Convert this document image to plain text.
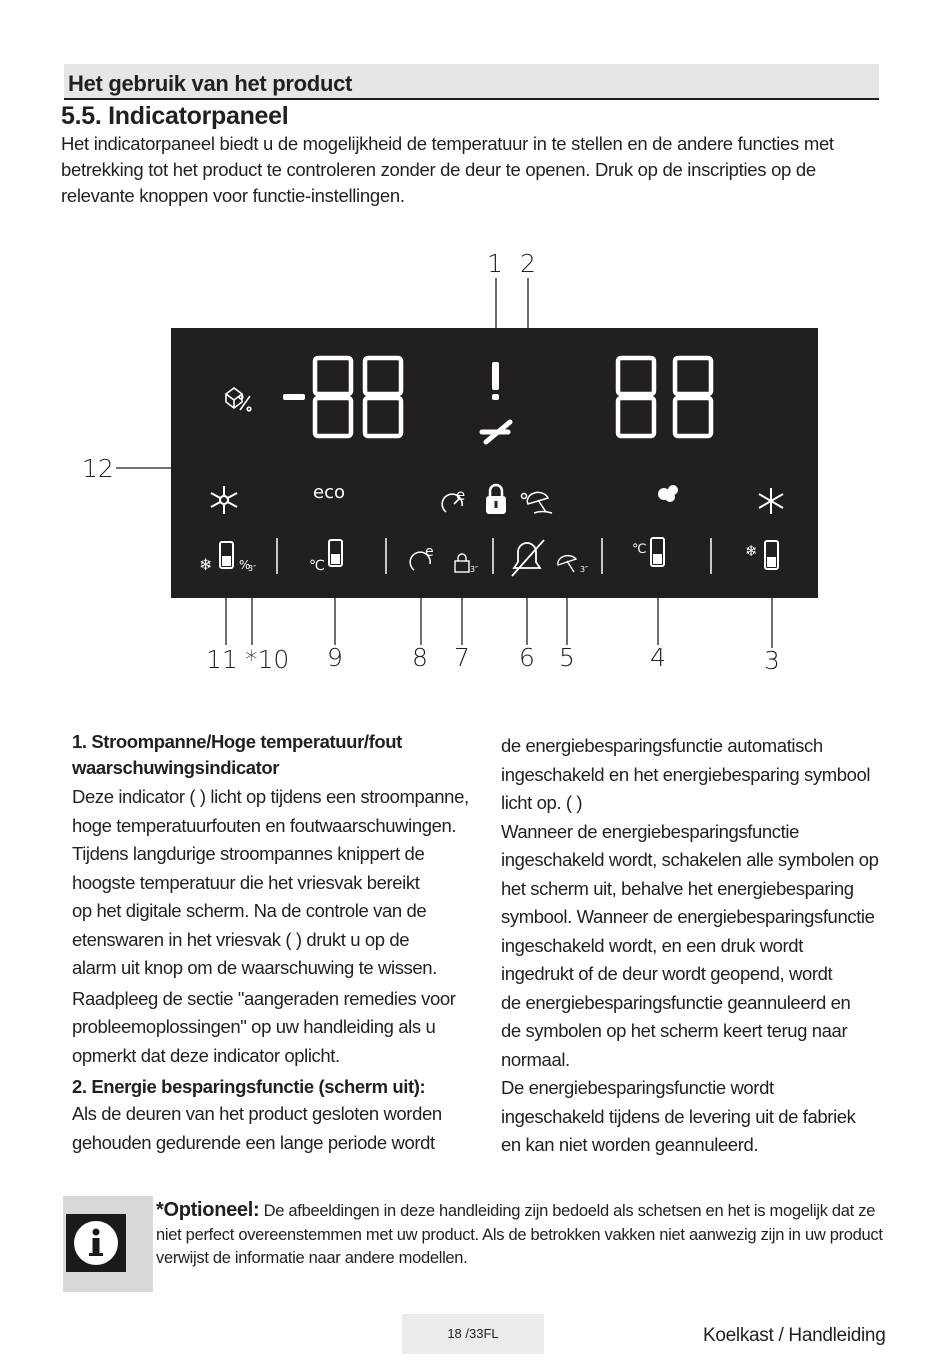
Het gebruik van het product
5.5. Indicatorpaneel

Het indicatorpaneel biedt u de mogelijkheid de temperatuur in te stellen en de andere functies met betrekking tot het product te controleren zonder de deur te openen. Druk op de inscripties op de relevante knoppen voor functie-instellingen.

eco	e
❄ %
3″	℃
e
3″	3″
℃	❄
1 2
12
11 *10 9	8 7 6 5	4	3

1. Stroompanne/Hoge temperatuur/fout

waarschuwingsindicator

Deze indicator ( ) licht op tijdens een stroompanne,

hoge temperatuurfouten en foutwaarschuwingen.

Tijdens langdurige stroompannes knippert de

hoogste temperatuur die het vriesvak bereikt

op het digitale scherm. Na de controle van de

etenswaren in het vriesvak ( ) drukt u op de

alarm uit knop om de waarschuwing te wissen.

Raadpleeg de sectie "aangeraden remedies voor

probleemoplossingen" op uw handleiding als u

opmerkt dat deze indicator oplicht.

2. Energie besparingsfunctie (scherm uit):

Als de deuren van het product gesloten worden

gehouden gedurende een lange periode wordt

de energiebesparingsfunctie automatisch

ingeschakeld en het energiebesparing symbool

licht op. ( )

Wanneer de energiebesparingsfunctie

ingeschakeld wordt, schakelen alle symbolen op

het scherm uit, behalve het energiebesparing

symbool. Wanneer de energiebesparingsfunctie

ingeschakeld wordt, en een druk wordt

ingedrukt of de deur wordt geopend, wordt

de energiebesparingsfunctie geannuleerd en

de symbolen op het scherm keert terug naar

normaal.

De energiebesparingsfunctie wordt

ingeschakeld tijdens de levering uit de fabriek

en kan niet worden geannuleerd.

*Optioneel: De afbeeldingen in deze handleiding zijn bedoeld als schetsen en het is mogelijk dat ze niet perfect overeenstemmen met uw product. Als de betrokken vakken niet aanwezig zijn in uw product verwijst de informatie naar andere modellen.
18 /33FL	Koelkast / Handleiding
